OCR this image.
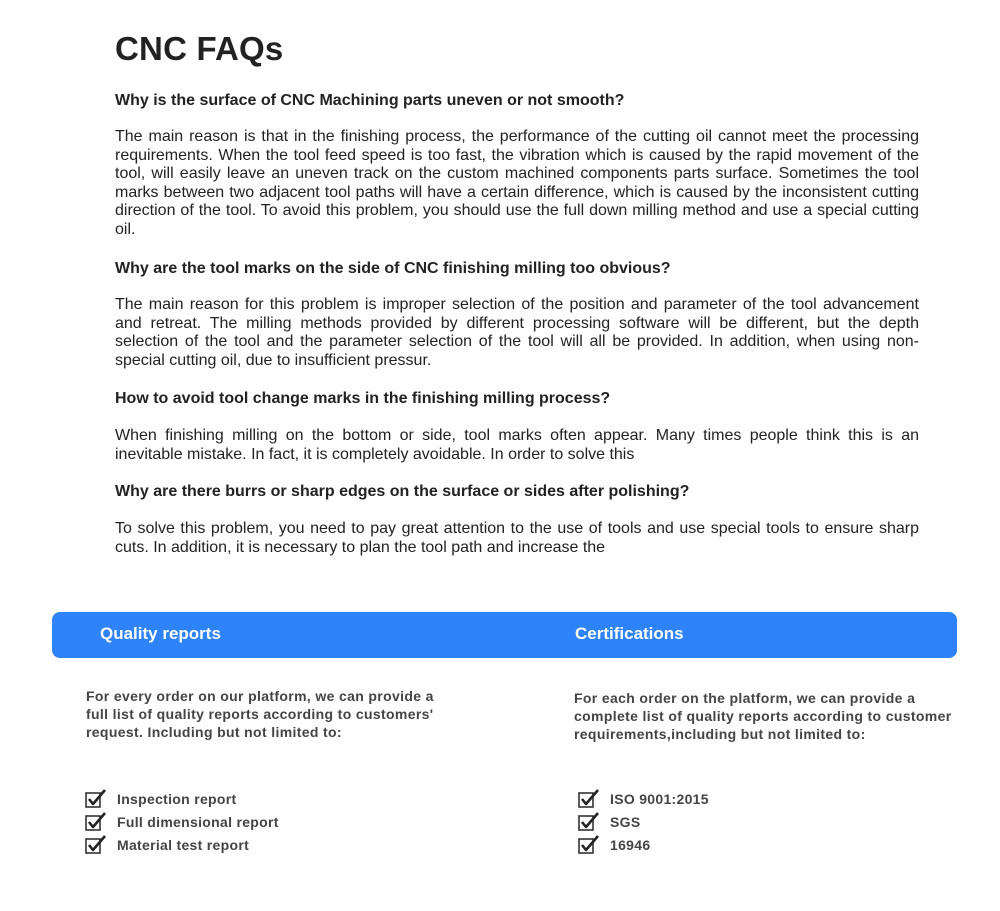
CNC FAQs
Why is the surface of CNC Machining parts uneven or not smooth?
The main reason is that in the finishing process, the performance of the cutting oil cannot meet the processing requirements. When the tool feed speed is too fast, the vibration which is caused by the rapid movement of the tool, will easily leave an uneven track on the custom machined components parts surface. Sometimes the tool marks between two adjacent tool paths will have a certain difference, which is caused by the inconsistent cutting direction of the tool. To avoid this problem, you should use the full down milling method and use a special cutting oil.
Why are the tool marks on the side of CNC finishing milling too obvious?
The main reason for this problem is improper selection of the position and parameter of the tool advancement and retreat. The milling methods provided by different processing software will be different, but the depth selection of the tool and the parameter selection of the tool will all be provided. In addition, when using non-special cutting oil, due to insufficient pressur.
How to avoid tool change marks in the finishing milling process?
When finishing milling on the bottom or side, tool marks often appear. Many times people think this is an inevitable mistake. In fact, it is completely avoidable. In order to solve this
Why are there burrs or sharp edges on the surface or sides after polishing?
To solve this problem, you need to pay great attention to the use of tools and use special tools to ensure sharp cuts. In addition, it is necessary to plan the tool path and increase the
Quality reports	Certifications
For every order on our platform, we can provide a full list of quality reports according to customers' request. Including but not limited to:
Inspection report
Full dimensional report
Material test report
For each order on the platform, we can provide a complete list of quality reports according to customer requirements,including but not limited to:
ISO 9001:2015
SGS
16946
